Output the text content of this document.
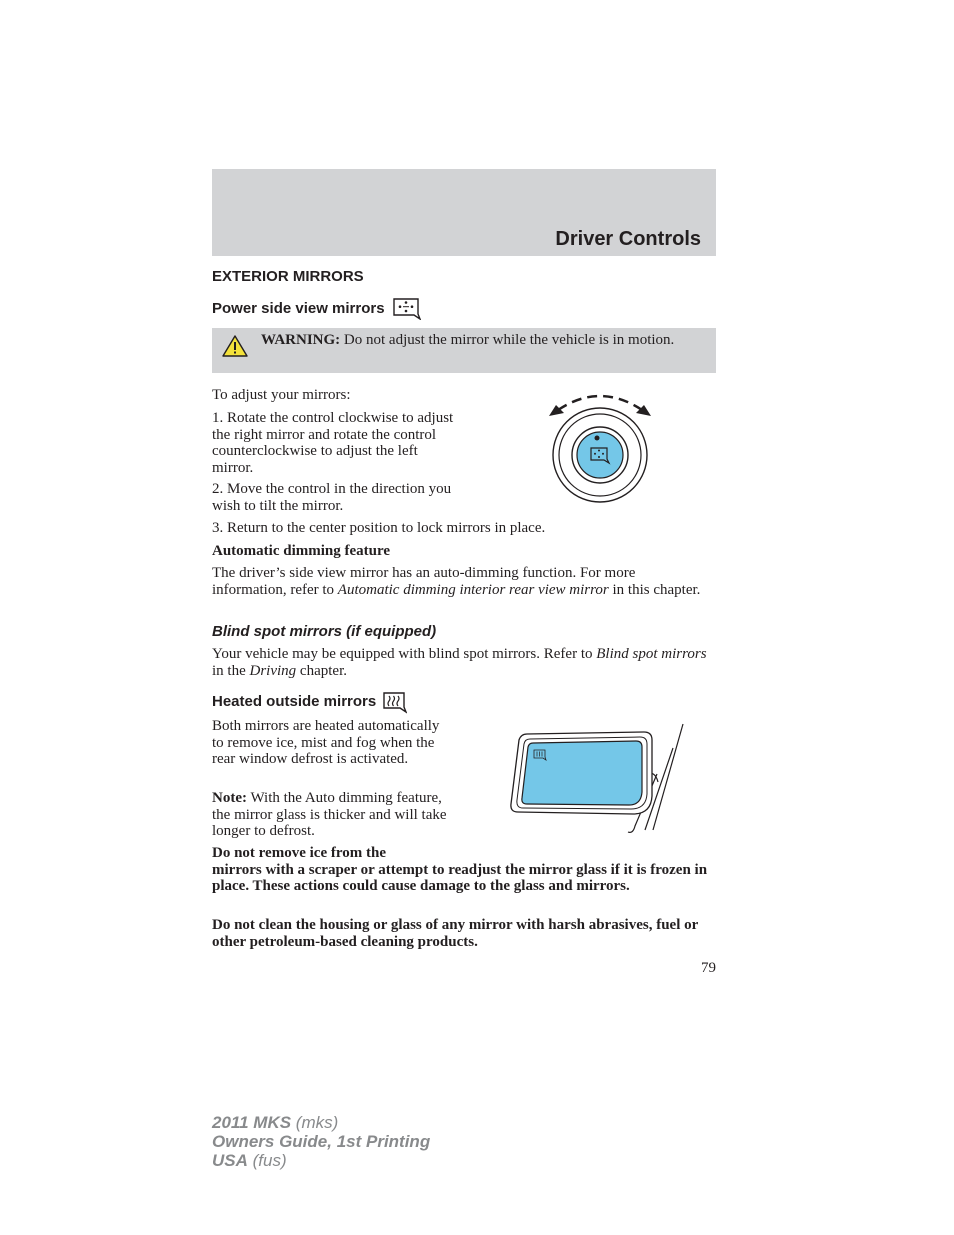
Driver Controls
EXTERIOR MIRRORS
Power side view mirrors
WARNING: Do not adjust the mirror while the vehicle is in motion.
To adjust your mirrors:
1. Rotate the control clockwise to adjust the right mirror and rotate the control counterclockwise to adjust the left mirror.
2. Move the control in the direction you wish to tilt the mirror.
3. Return to the center position to lock mirrors in place.
Automatic dimming feature
The driver’s side view mirror has an auto-dimming function. For more information, refer to Automatic dimming interior rear view mirror in this chapter.
Blind spot mirrors (if equipped)
Your vehicle may be equipped with blind spot mirrors. Refer to Blind spot mirrors in the Driving chapter.
Heated outside mirrors
Both mirrors are heated automatically to remove ice, mist and fog when the rear window defrost is activated.
Note: With the Auto dimming feature, the mirror glass is thicker and will take longer to defrost.
Do not remove ice from the
mirrors with a scraper or attempt to readjust the mirror glass if it is frozen in place. These actions could cause damage to the glass and mirrors.
Do not clean the housing or glass of any mirror with harsh abrasives, fuel or other petroleum-based cleaning products.
79
2011 MKS (mks)
Owners Guide, 1st Printing
USA (fus)
